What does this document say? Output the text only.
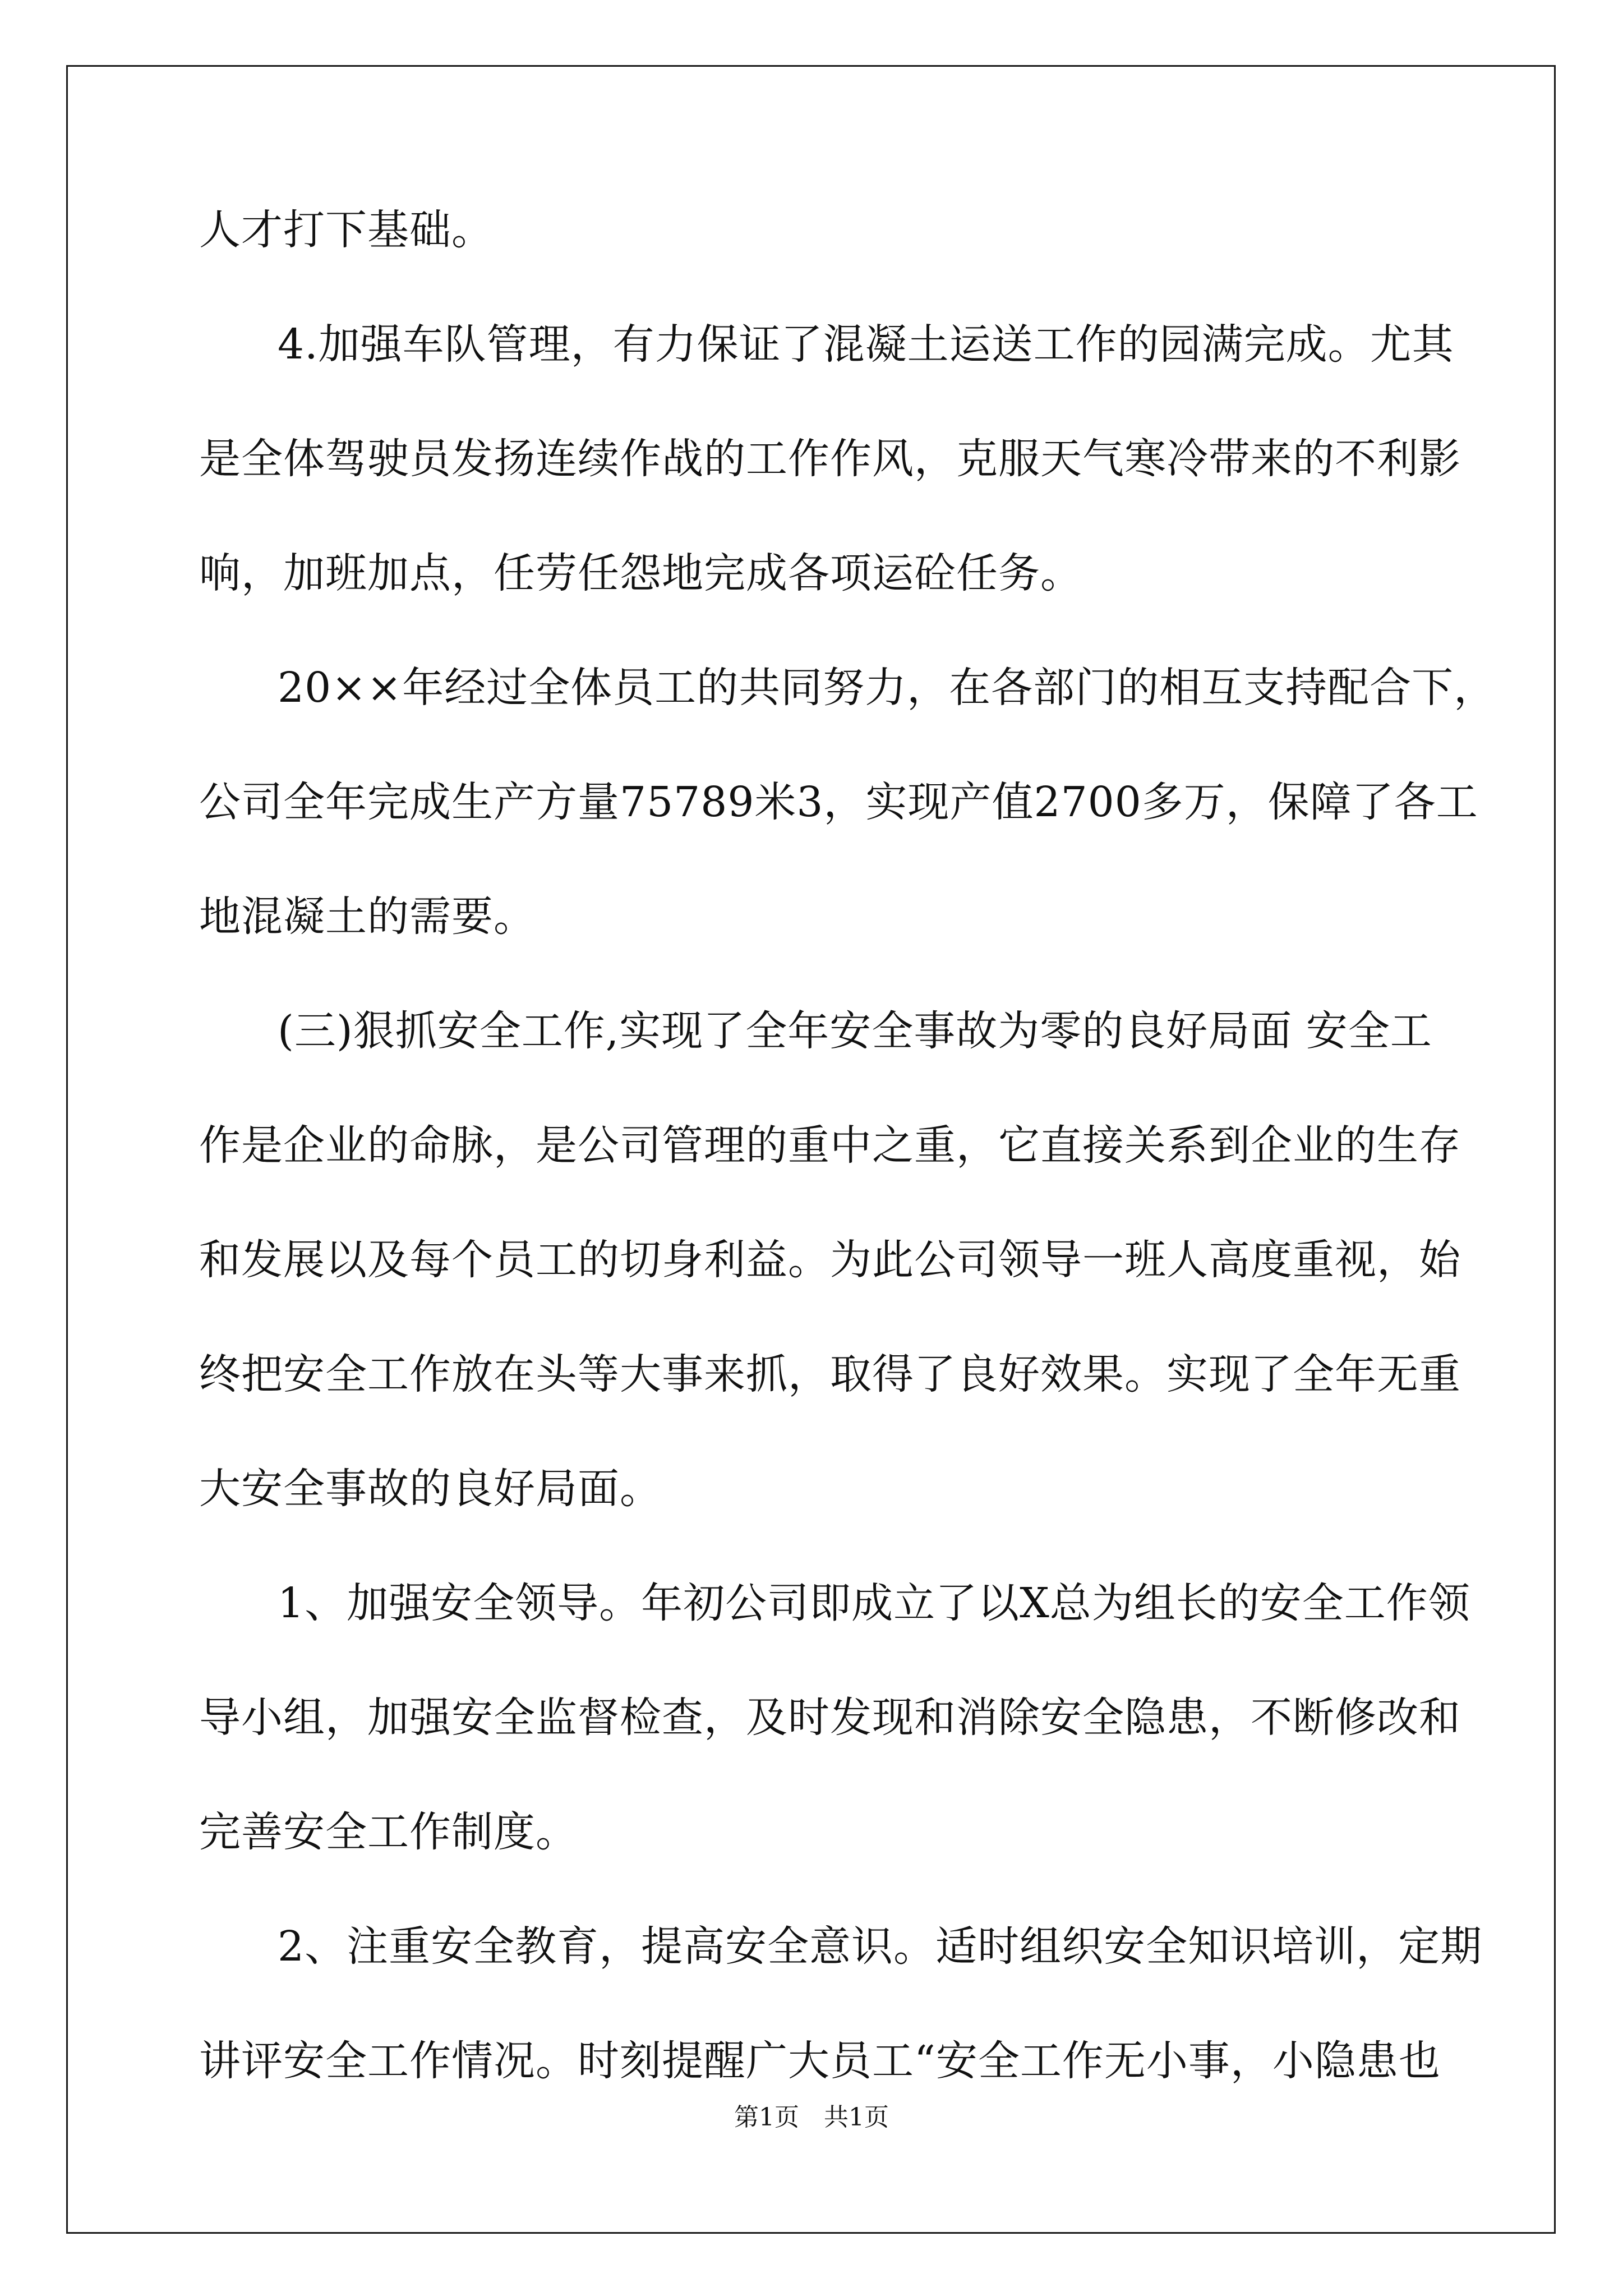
人才打下基础。
4.加强车队管理，有力保证了混凝土运送工作的园满完成。尤其
是全体驾驶员发扬连续作战的工作作风，克服天气寒冷带来的不利影
响，加班加点，任劳任怨地完成各项运砼任务。
20××年经过全体员工的共同努力，在各部门的相互支持配合下，
公司全年完成生产方量75789米3，实现产值2700多万，保障了各工
地混凝土的需要。
(三)狠抓安全工作,实现了全年安全事故为零的良好局面 安全工
作是企业的命脉，是公司管理的重中之重，它直接关系到企业的生存
和发展以及每个员工的切身利益。为此公司领导一班人高度重视，始
终把安全工作放在头等大事来抓，取得了良好效果。实现了全年无重
大安全事故的良好局面。
1、加强安全领导。年初公司即成立了以X总为组长的安全工作领
导小组，加强安全监督检查，及时发现和消除安全隐患，不断修改和
完善安全工作制度。
2、注重安全教育，提高安全意识。适时组织安全知识培训，定期
讲评安全工作情况。时刻提醒广大员工“安全工作无小事，小隐患也
第1页　共1页
